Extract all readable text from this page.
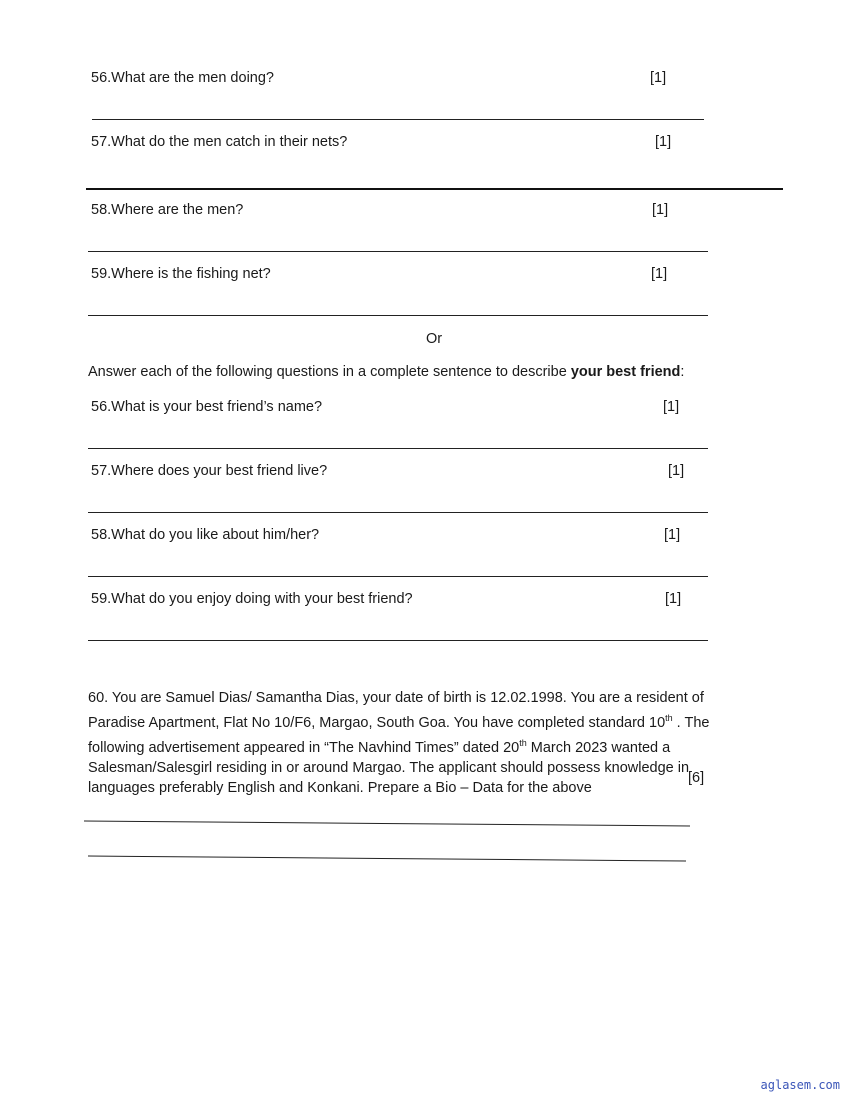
56.What are the men doing?	[1]
57.What do the men catch in their nets?	[1]
58.Where are the men?	[1]
59.Where is the fishing net?	[1]
Or
Answer each of the following questions in a complete sentence to describe your best friend:
56.What is your best friend’s name?	[1]
57.Where does your best friend live?	[1]
58.What do you like about him/her?	[1]
59.What do you enjoy doing with your best friend?	[1]
60. You are Samuel Dias/ Samantha Dias, your date of birth is 12.02.1998. You are a resident of Paradise Apartment, Flat No 10/F6, Margao, South Goa. You have completed standard 10th . The following advertisement appeared in “The Navhind Times” dated 20th March 2023 wanted a Salesman/Salesgirl residing in or around Margao. The applicant should possess knowledge in languages preferably English and Konkani. Prepare a Bio – Data for the above
[6]
aglasem.com
